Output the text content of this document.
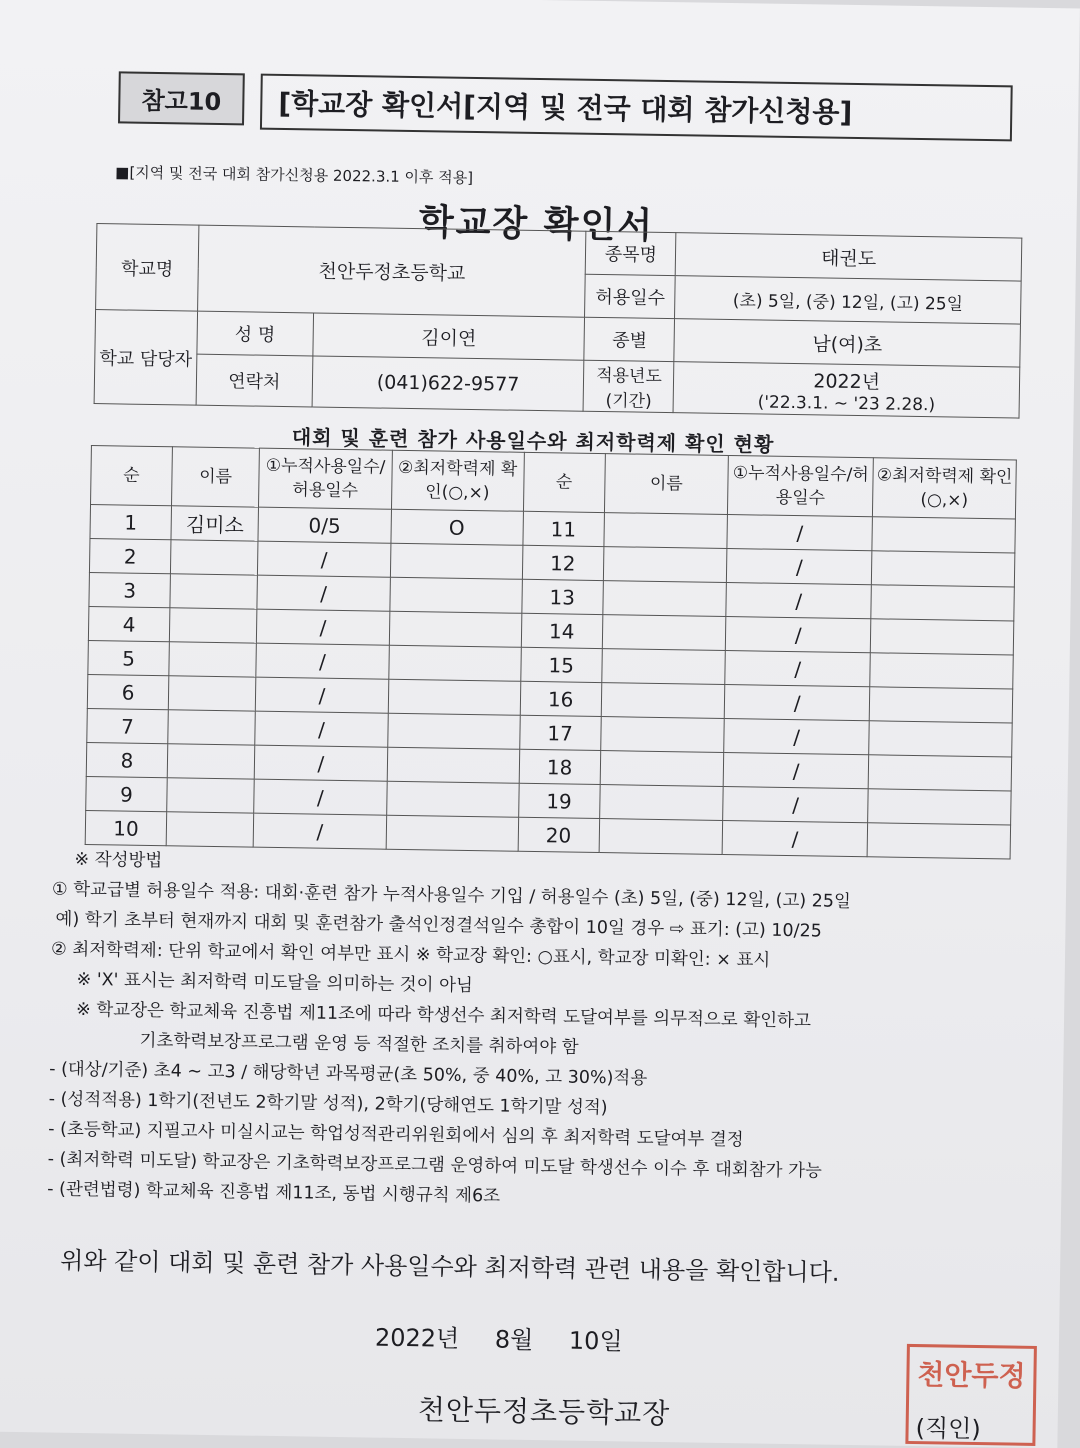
참고10	[학교장 확인서[지역 및 전국 대회 참가신청용]
■[지역 및 전국 대회 참가신청용 2022.3.1 이후 적용]
학교장 확인서
학교명	천안두정초등학교		종목명	태권도
			허용일수	(초) 5일, (중) 12일, (고) 25일
학교 담당자	성 명	김이연	종별	남(여)초
	연락처	(041)622-9577	적용년도 (기간)	2022년
('22.3.1. ~ '23 2.28.)
대회 및 훈련 참가 사용일수와 최저학력제 확인 현황
순	이름	①누적사용일수/허용일수	②최저학력제 확인(○,×)	순	이름	①누적사용일수/허용일수	②최저학력제 확인(○,×)
1	김미소	0/5	O	11		/	
2		/		12		/	
3		/		13		/	
4		/		14		/	
5		/		15		/	
6		/		16		/	
7		/		17		/	
8		/		18		/	
9		/		19		/	
10		/		20		/	
※ 작성방법
① 학교급별 허용일수 적용: 대회·훈련 참가 누적사용일수 기입 / 허용일수 (초) 5일, (중) 12일, (고) 25일
예) 학기 초부터 현재까지 대회 및 훈련참가 출석인정결석일수 총합이 10일 경우 ⇨ 표기: (고) 10/25
② 최저학력제: 단위 학교에서 확인 여부만 표시 ※ 학교장 확인: ○표시, 학교장 미확인: × 표시
※ 'X' 표시는 최저학력 미도달을 의미하는 것이 아님
※ 학교장은 학교체육 진흥법 제11조에 따라 학생선수 최저학력 도달여부를 의무적으로 확인하고
기초학력보장프로그램 운영 등 적절한 조치를 취하여야 함
- (대상/기준) 초4 ~ 고3 / 해당학년 과목평균(초 50%, 중 40%, 고 30%)적용
- (성적적용) 1학기(전년도 2학기말 성적), 2학기(당해연도 1학기말 성적)
- (초등학교) 지필고사 미실시교는 학업성적관리위원회에서 심의 후 최저학력 도달여부 결정
- (최저학력 미도달) 학교장은 기초학력보장프로그램 운영하여 미도달 학생선수 이수 후 대회참가 가능
- (관련법령) 학교체육 진흥법 제11조, 동법 시행규칙 제6조
위와 같이 대회 및 훈련 참가 사용일수와 최저학력 관련 내용을 확인합니다.
2022년 8월 10일
천안두정초등학교장
천안두정
(직인)
